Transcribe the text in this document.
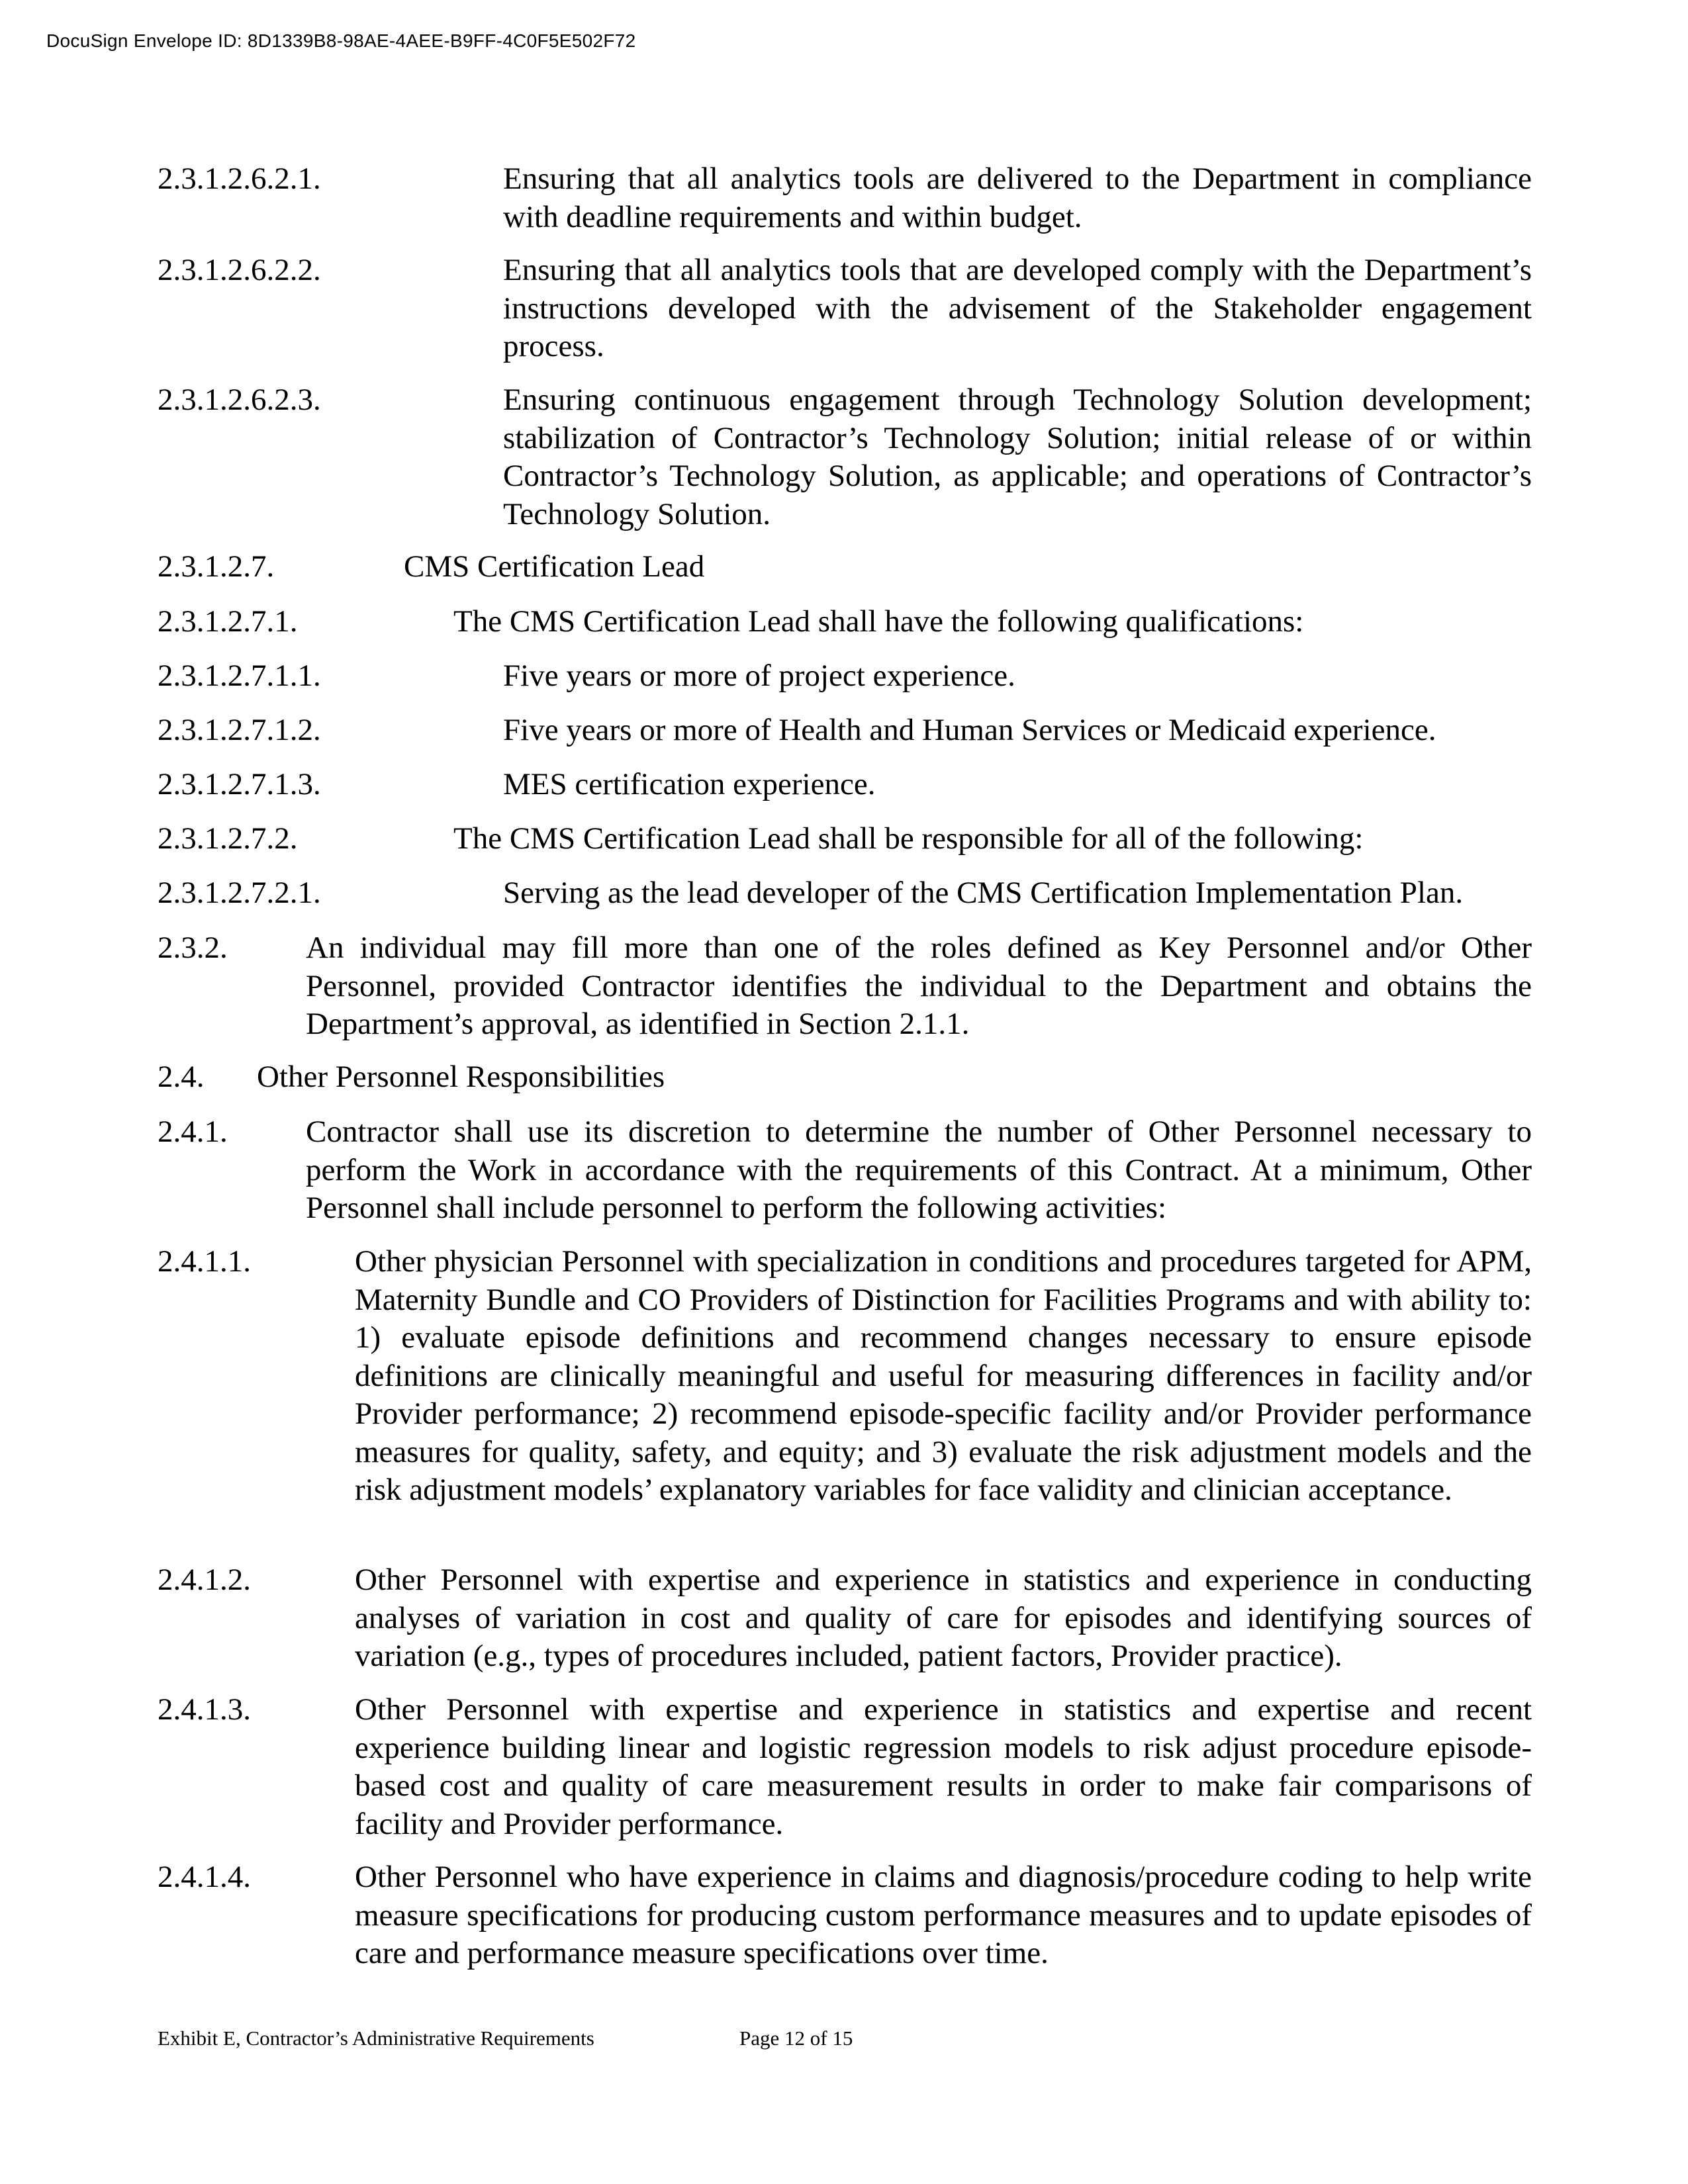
DocuSign Envelope ID: 8D1339B8-98AE-4AEE-B9FF-4C0F5E502F72
2.3.1.2.6.2.1.	Ensuring that all analytics tools are delivered to the Department in compliance with deadline requirements and within budget.
2.3.1.2.6.2.2.	Ensuring that all analytics tools that are developed comply with the Department’s instructions developed with the advisement of the Stakeholder engagement process.
2.3.1.2.6.2.3.	Ensuring continuous engagement through Technology Solution development; stabilization of Contractor’s Technology Solution; initial release of or within Contractor’s Technology Solution, as applicable; and operations of Contractor’s Technology Solution.
2.3.1.2.7.	CMS Certification Lead
2.3.1.2.7.1.	The CMS Certification Lead shall have the following qualifications:
2.3.1.2.7.1.1.	Five years or more of project experience.
2.3.1.2.7.1.2.	Five years or more of Health and Human Services or Medicaid experience.
2.3.1.2.7.1.3.	MES certification experience.
2.3.1.2.7.2.	The CMS Certification Lead shall be responsible for all of the following:
2.3.1.2.7.2.1.	Serving as the lead developer of the CMS Certification Implementation Plan.
2.3.2.	An individual may fill more than one of the roles defined as Key Personnel and/or Other Personnel, provided Contractor identifies the individual to the Department and obtains the Department’s approval, as identified in Section 2.1.1.
2.4. Other Personnel Responsibilities
2.4.1.	Contractor shall use its discretion to determine the number of Other Personnel necessary to perform the Work in accordance with the requirements of this Contract. At a minimum, Other Personnel shall include personnel to perform the following activities:
2.4.1.1.	Other physician Personnel with specialization in conditions and procedures targeted for APM, Maternity Bundle and CO Providers of Distinction for Facilities Programs and with ability to: 1) evaluate episode definitions and recommend changes necessary to ensure episode definitions are clinically meaningful and useful for measuring differences in facility and/or Provider performance; 2) recommend episode-specific facility and/or Provider performance measures for quality, safety, and equity; and 3) evaluate the risk adjustment models and the risk adjustment models’ explanatory variables for face validity and clinician acceptance.
2.4.1.2.	Other Personnel with expertise and experience in statistics and experience in conducting analyses of variation in cost and quality of care for episodes and identifying sources of variation (e.g., types of procedures included, patient factors, Provider practice).
2.4.1.3.	Other Personnel with expertise and experience in statistics and expertise and recent experience building linear and logistic regression models to risk adjust procedure episode-based cost and quality of care measurement results in order to make fair comparisons of facility and Provider performance.
2.4.1.4.	Other Personnel who have experience in claims and diagnosis/procedure coding to help write measure specifications for producing custom performance measures and to update episodes of care and performance measure specifications over time.
Exhibit E, Contractor’s Administrative Requirements	Page 12 of 15
